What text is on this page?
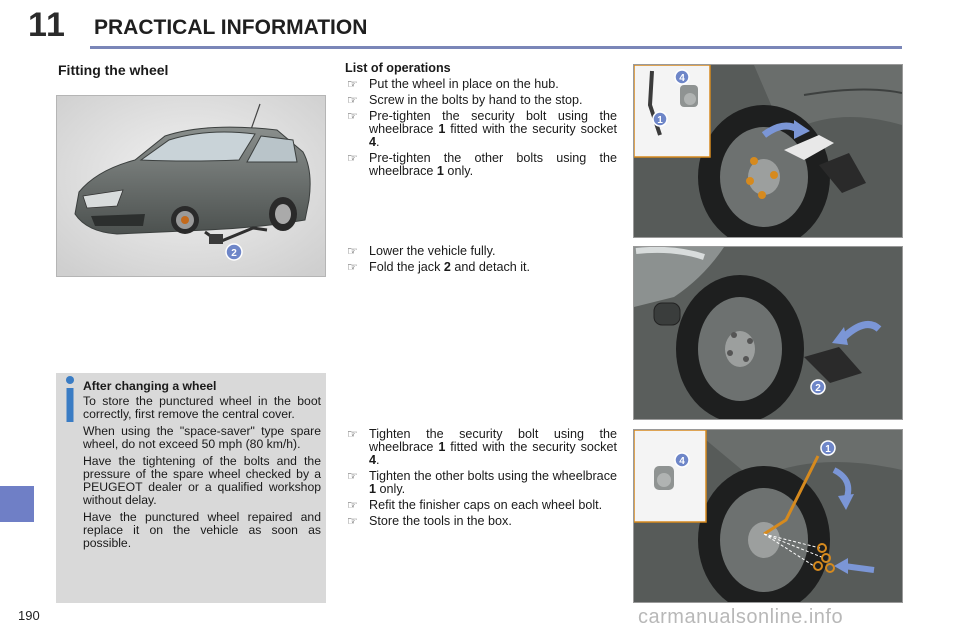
11 PRACTICAL INFORMATION
Fitting the wheel
2
After changing a wheel

To store the punctured wheel in the boot correctly, first remove the central cover.

When using the "space-saver" type spare wheel, do not exceed 50 mph (80 km/h).

Have the tightening of the bolts and the pressure of the spare wheel checked by a PEUGEOT dealer or a qualified workshop without delay.

Have the punctured wheel repaired and replace it on the vehicle as soon as possible.

List of operations
☞ Put the wheel in place on the hub.
☞ Screw in the bolts by hand to the stop.
☞ Pre-tighten the security bolt using the wheelbrace 1 fitted with the security socket 4.
☞ Pre-tighten the other bolts using the wheelbrace 1 only.
☞ Lower the vehicle fully.
☞ Fold the jack 2 and detach it.
☞ Tighten the security bolt using the wheelbrace 1 fitted with the security socket 4.
☞ Tighten the other bolts using the wheelbrace 1 only.
☞ Refit the finisher caps on each wheel bolt.
☞ Store the tools in the box.
4
1
2
4
1
190	carmanualsonline.info
